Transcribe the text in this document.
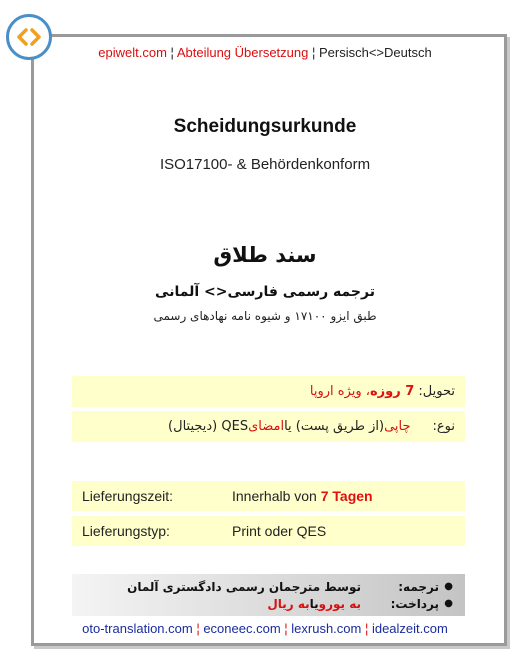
epiwelt.com ¦ Abteilung Übersetzung ¦ Persisch<>Deutsch
Scheidungsurkunde
ISO17100- & Behördenkonform
سند طلاق
ترجمه رسمی فارسی<> آلمانی
طبق ایزو ۱۷۱۰۰ و شیوه نامه نهادهای رسمی
تحویل:

7 روزه
، ویژه اروپا
نوع:
چاپی
(از طریق پست) یا
امضای
QES (دیجیتال)
Lieferungszeit:	Innerhalb von
7 Tagen
Lieferungstyp:	Print oder QES
●
ترجمه:
توسط مترجمان رسمی دادگستری آلمان
●
پرداخت:
به یورو
یا
به ریال
oto-translation.com ¦ econeec.com ¦ lexrush.com ¦ idealzeit.com
